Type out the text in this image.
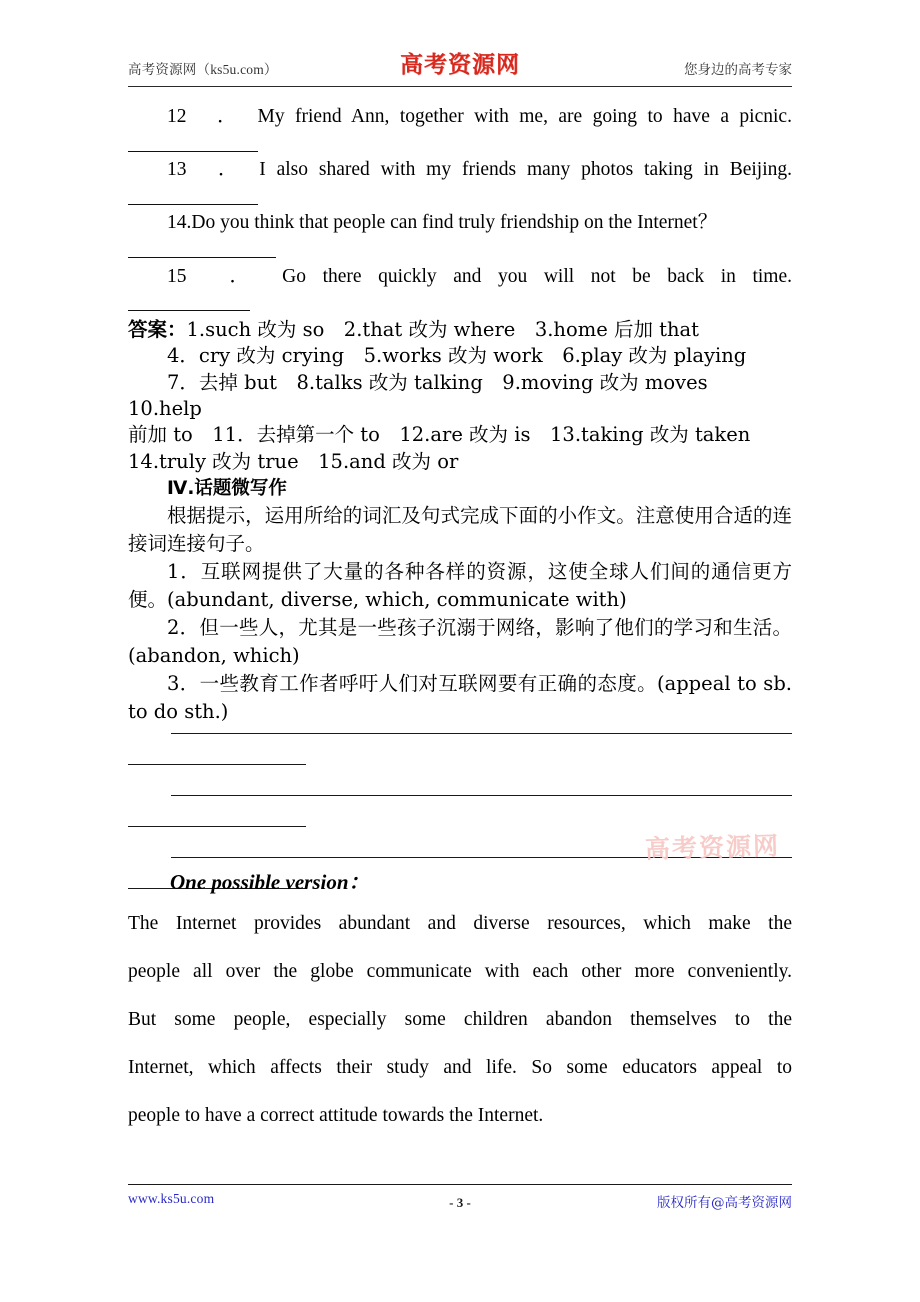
高考资源网（ks5u.com）	高考资源网	您身边的高考专家
12　 ．　 My friend Ann, together with me, are going to have a picnic.
13　 ．　 I also shared with my friends many photos taking in Beijing.
14.Do you think that people can find truly friendship on the Internet？
15　 ．　 Go there quickly and you will not be back in time.
答案：1.such 改为 so　2.that 改为 where　3.home 后加 that
4．cry 改为 crying　5.works 改为 work　6.play 改为 playing
7．去掉 but　8.talks 改为 talking　9.moving 改为 moves　10.help
前加 to　11．去掉第一个 to　12.are 改为 is　13.taking 改为 taken
14.truly 改为 true　15.and 改为 or
Ⅳ.话题微写作
根据提示，运用所给的词汇及句式完成下面的小作文。注意使用合适的连接词连接句子。
1．互联网提供了大量的各种各样的资源，这使全球人们间的通信更方便。(abundant, diverse, which, communicate with)
2．但一些人，尤其是一些孩子沉溺于网络，影响了他们的学习和生活。(abandon, which)
3．一些教育工作者呼吁人们对互联网要有正确的态度。(appeal to sb. to do sth.)
高考资源网
One possible version：

The Internet provides abundant and diverse resources, which make the

people all over the globe communicate with each other more conveniently.

But some people, especially some children abandon themselves to the

Internet, which affects their study and life. So some educators appeal to

people to have a correct attitude towards the Internet.

www.ks5u.com	- 3 -	版权所有@高考资源网
